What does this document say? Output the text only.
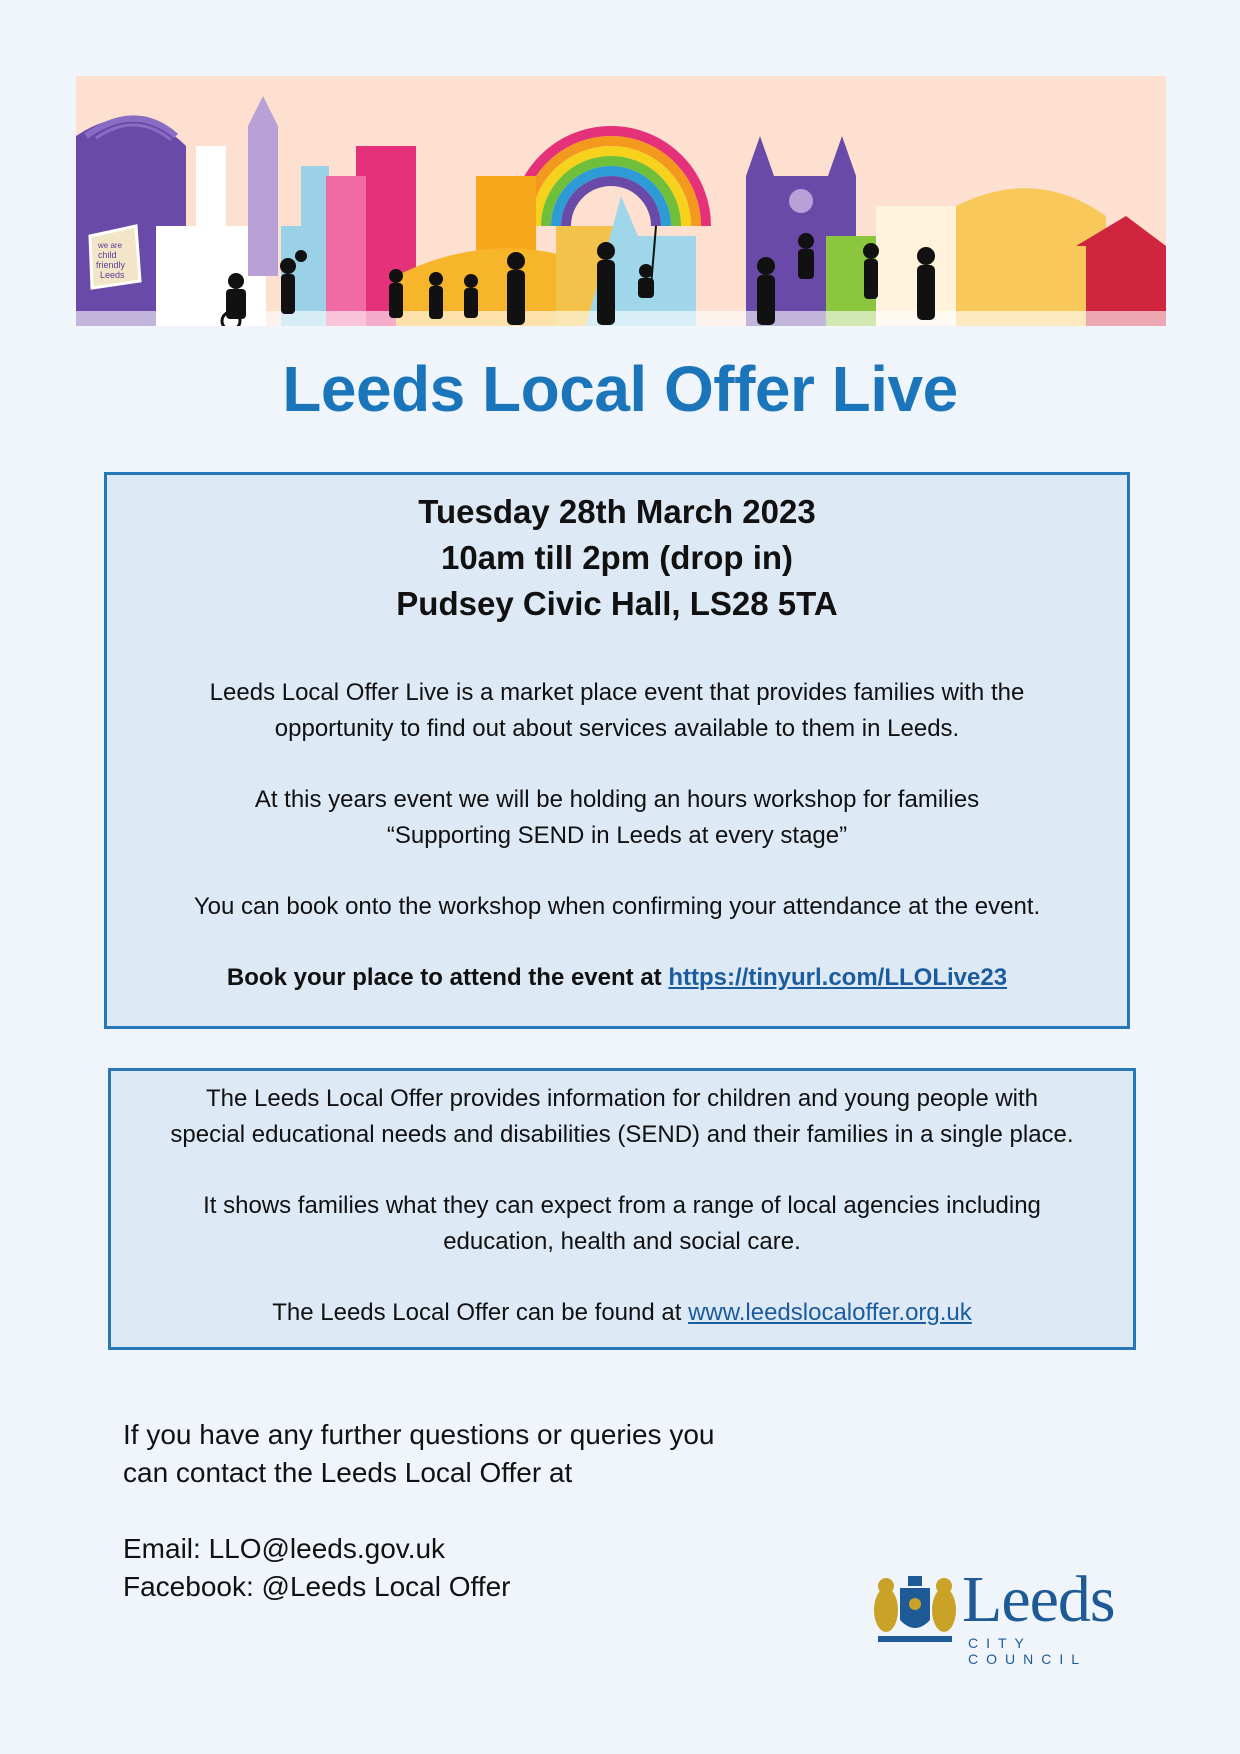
we are
child
friendly
Leeds
Leeds Local Offer Live
Tuesday 28th March 2023
10am till 2pm (drop in)
Pudsey Civic Hall, LS28 5TA

Leeds Local Offer Live is a market place event that provides families with the
opportunity to find out about services available to them in Leeds.

At this years event we will be holding an hours workshop for families
“Supporting SEND in Leeds at every stage”

You can book onto the workshop when confirming your attendance at the event.

Book your place to attend the event at https://tinyurl.com/LLOLive23

The Leeds Local Offer provides information for children and young people with
special educational needs and disabilities (SEND) and their families in a single place.

It shows families what they can expect from a range of local agencies including
education, health and social care.

The Leeds Local Offer can be found at www.leedslocaloffer.org.uk

If you have any further questions or queries you

can contact the Leeds Local Offer at

Email: LLO@leeds.gov.uk

Facebook: @Leeds Local Offer	Leeds
CITY COUNCIL
